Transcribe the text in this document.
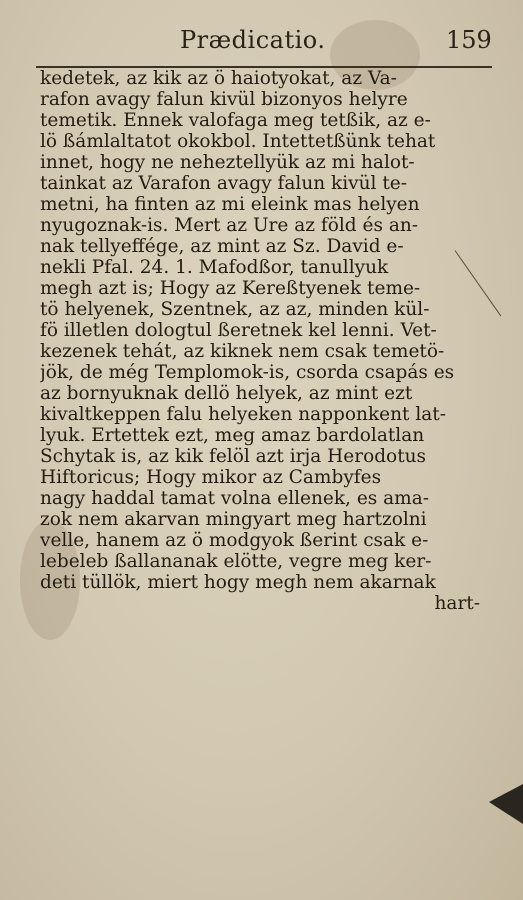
Prædicatio.	159
kedetek, az kik az ö haiotyokat, az Va-
rafon avagy falun kivül bizonyos helyre
temetik. Ennek valofaga meg tetßik, az e-
lö ßámlaltatot okokbol. Intettetßünk tehat
innet, hogy ne neheztellyük az mi halot-
tainkat az Varafon avagy falun kivül te-
metni, ha finten az mi eleink mas helyen
nyugoznak-is. Mert az Ure az föld és an-
nak tellyeffége, az mint az Sz. David e-
nekli Pfal. 24. 1. Mafodßor, tanullyuk
megh azt is; Hogy az Kereßtyenek teme-
tö helyenek, Szentnek, az az, minden kül-
fö illetlen dologtul ßeretnek kel lenni. Vet-
kezenek tehát, az kiknek nem csak temetö-
jök, de még Templomok-is, csorda csapás es
az bornyuknak dellö helyek, az mint ezt
kivaltkeppen falu helyeken napponkent lat-
lyuk. Ertettek ezt, meg amaz bardolatlan
Schytak is, az kik felöl azt irja Herodotus
Hiftoricus; Hogy mikor az Cambyfes
nagy haddal tamat volna ellenek, es ama-
zok nem akarvan mingyart meg hartzolni
velle, hanem az ö modgyok ßerint csak e-
lebeleb ßallananak elötte, vegre meg ker-
deti tüllök, miert hogy megh nem akarnak
hart-
